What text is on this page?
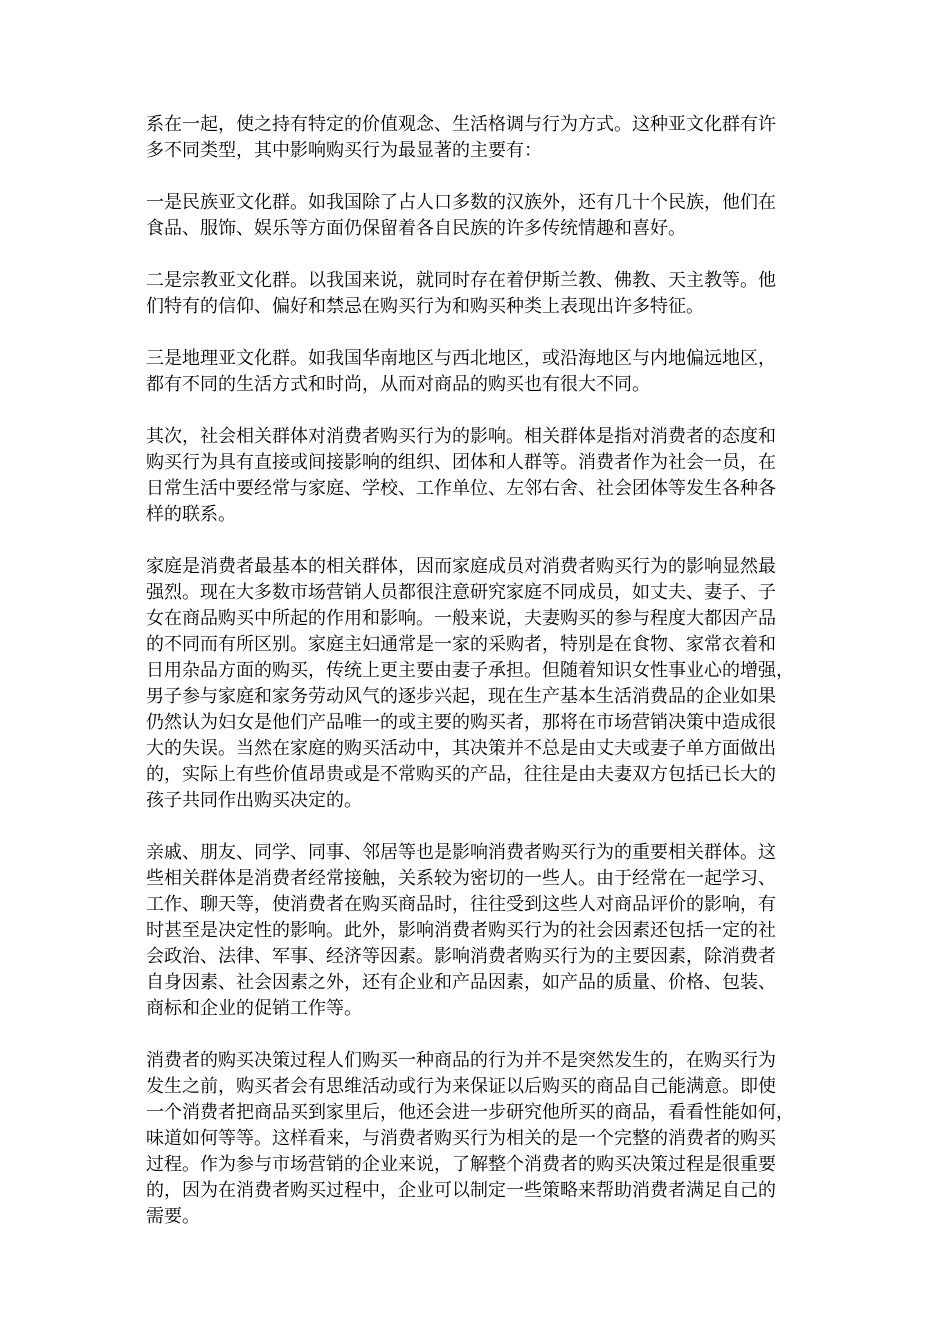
系在一起，使之持有特定的价值观念、生活格调与行为方式。这种亚文化群有许
多不同类型，其中影响购买行为最显著的主要有：

一是民族亚文化群。如我国除了占人口多数的汉族外，还有几十个民族，他们在
食品、服饰、娱乐等方面仍保留着各自民族的许多传统情趣和喜好。

二是宗教亚文化群。以我国来说，就同时存在着伊斯兰教、佛教、天主教等。他
们特有的信仰、偏好和禁忌在购买行为和购买种类上表现出许多特征。

三是地理亚文化群。如我国华南地区与西北地区，或沿海地区与内地偏远地区，
都有不同的生活方式和时尚，从而对商品的购买也有很大不同。

其次，社会相关群体对消费者购买行为的影响。相关群体是指对消费者的态度和
购买行为具有直接或间接影响的组织、团体和人群等。消费者作为社会一员，在
日常生活中要经常与家庭、学校、工作单位、左邻右舍、社会团体等发生各种各
样的联系。

家庭是消费者最基本的相关群体，因而家庭成员对消费者购买行为的影响显然最
强烈。现在大多数市场营销人员都很注意研究家庭不同成员，如丈夫、妻子、子
女在商品购买中所起的作用和影响。一般来说，夫妻购买的参与程度大都因产品
的不同而有所区别。家庭主妇通常是一家的采购者，特别是在食物、家常衣着和
日用杂品方面的购买，传统上更主要由妻子承担。但随着知识女性事业心的增强，
男子参与家庭和家务劳动风气的逐步兴起，现在生产基本生活消费品的企业如果
仍然认为妇女是他们产品唯一的或主要的购买者，那将在市场营销决策中造成很
大的失误。当然在家庭的购买活动中，其决策并不总是由丈夫或妻子单方面做出
的，实际上有些价值昂贵或是不常购买的产品，往往是由夫妻双方包括已长大的
孩子共同作出购买决定的。

亲戚、朋友、同学、同事、邻居等也是影响消费者购买行为的重要相关群体。这
些相关群体是消费者经常接触，关系较为密切的一些人。由于经常在一起学习、
工作、聊天等，使消费者在购买商品时，往往受到这些人对商品评价的影响，有
时甚至是决定性的影响。此外，影响消费者购买行为的社会因素还包括一定的社
会政治、法律、军事、经济等因素。影响消费者购买行为的主要因素，除消费者
自身因素、社会因素之外，还有企业和产品因素，如产品的质量、价格、包装、
商标和企业的促销工作等。

消费者的购买决策过程人们购买一种商品的行为并不是突然发生的，在购买行为
发生之前，购买者会有思维活动或行为来保证以后购买的商品自己能满意。即使
一个消费者把商品买到家里后，他还会进一步研究他所买的商品，看看性能如何，
味道如何等等。这样看来，与消费者购买行为相关的是一个完整的消费者的购买
过程。作为参与市场营销的企业来说，了解整个消费者的购买决策过程是很重要
的，因为在消费者购买过程中，企业可以制定一些策略来帮助消费者满足自己的
需要。
